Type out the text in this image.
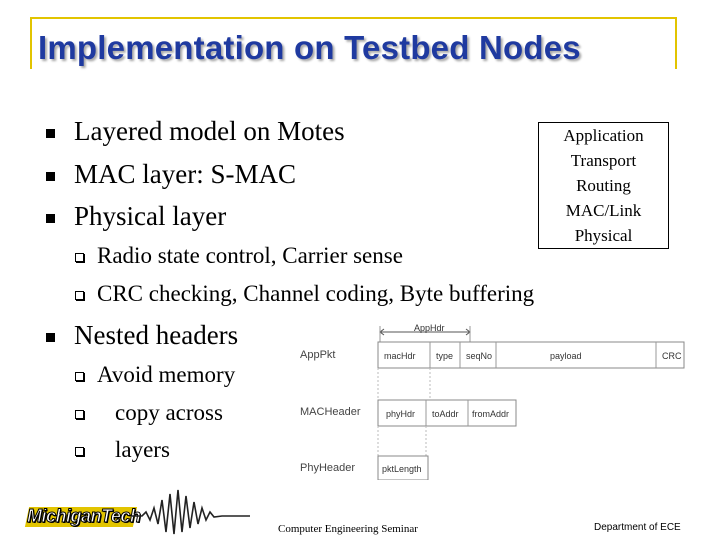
Implementation on Testbed Nodes
Layered model on Motes
MAC layer: S-MAC
Physical layer
Radio state control, Carrier sense
CRC checking, Channel coding, Byte buffering
Nested headers
Avoid memory
copy across
layers
Application
Transport
Routing
MAC/Link
Physical
AppHdr
AppPkt	macHdr type seqNo	payload	CRC
MACHeader	phyHdr toAddr fromAddr
PhyHeader	pktLength
MichiganTech
Computer Engineering Seminar	Department of ECE
